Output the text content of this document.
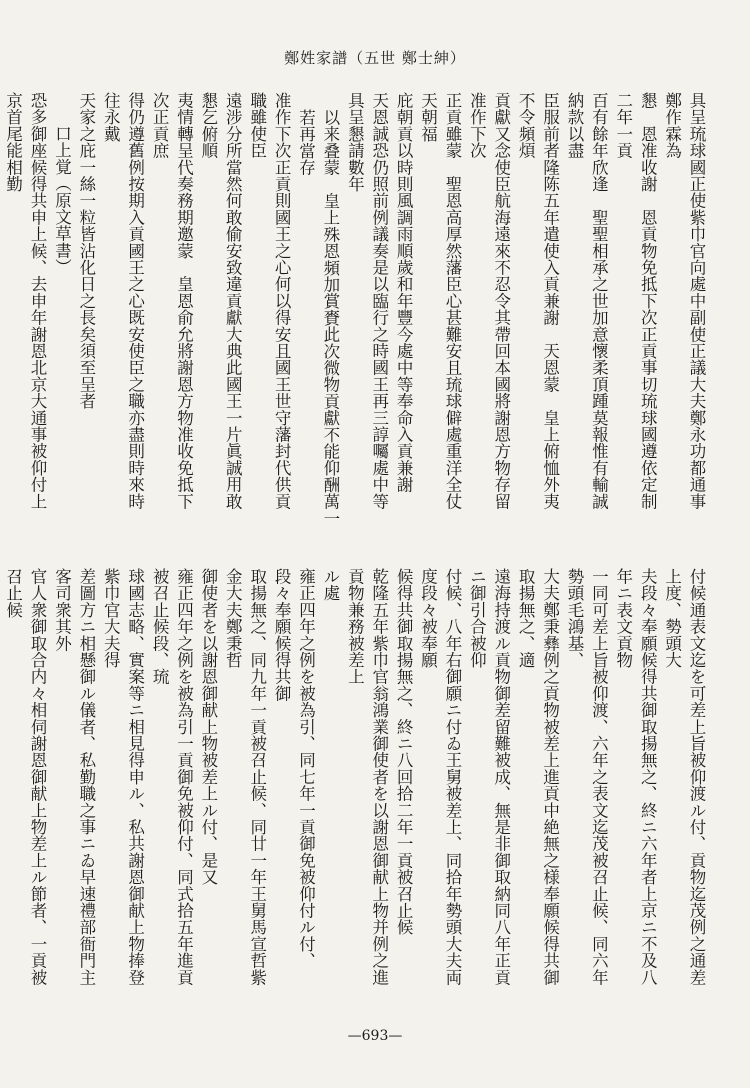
鄭姓家譜（五世 鄭士紳）

具呈琉球國正使紫巾官向處中副使正議大夫鄭永功都通事鄭作霖為

懇　恩准收謝　恩貢物免抵下次正貢事切琉球國遵依定制二年一貢

百有餘年欣逢　聖聖相承之世加意懷柔頂踵莫報惟有輸誠納款以盡

臣服前者隆陈五年遣使入貢兼謝　天恩蒙　皇上俯恤外夷不令頻煩

貢獻又念使臣航海遠來不忍令其帶回本國將謝恩方物存留准作下次

正貢雖蒙　聖恩高厚然藩臣心甚難安且琉球僻處重洋全仗　天朝福

庇朝貢以時則風調雨順歲和年豐今處中等奉命入貢兼謝

天恩誠恐仍照前例議奏是以臨行之時國王再三諄囑處中等具呈懇請數年

以来叠蒙　皇上殊恩頻加賞賚此次微物貢獻不能仰酬萬一若再當存

准作下次正貢則國王之心何以得安且國王世守藩封代供貢職雖使臣

遠涉分所當然何敢偷安致違貢獻大典此國王一片眞誠用敢懇乞俯順

夷情轉呈代奏務期邀蒙　皇恩俞允將謝恩方物准收免抵下次正貢庶

得仍遵舊例按期入貢國王之心既安使臣之職亦盡則時來時往永戴

天家之庇一絲一粒皆沾化日之長矣須至呈者

口上覚（原文草書）

恐多御座候得共申上候、去申年謝恩北京大通事被仰付上京首尾能相勤

付候通表文迄を可差上旨被仰渡ル付、貢物迄茂例之通差上度、勢頭大

夫段々奉願候得共御取揚無之、終ニ六年者上京ニ不及八年ニ表文貢物

一同可差上旨被仰渡、六年之表文迄茂被召止候、同六年勢頭毛鴻基、

大夫鄭秉彝例之貢物被差上進貢中絶無之様奉願候得共御取揚無之、適

遠海持渡ル貢物御差留難被成、無是非御取納同八年正貢ニ御引合被仰

付候、八年右御願ニ付ゐ王舅被差上、同拾年勢頭大夫両度段々被奉願

候得共御取揚無之、終ニ八回拾二年一貢被召止候

乾隆五年紫巾官翁鴻業御使者を以謝恩御献上物并例之進貢物兼務被差上

ル處

雍正四年之例を被為引、同七年一貢御免被仰付ル付、段々奉願候得共御

取揚無之、同九年一貢被召止候、同廿一年王舅馬宣哲紫金大夫鄭秉哲

御使者を以謝恩御献上物被差上ル付、是又

雍正四年之例を被為引一貢御免被仰付、同式拾五年進貢被召止候段、琉

球國志略、實案等ニ相見得申ル、私共謝恩御献上物捧登紫巾官大夫得

差圖方ニ相懸御ル儀者、私勤職之事ニゐ早速禮部衙門主客司衆其外

官人衆御取合内々相伺謝恩御献上物差上ル節者、一貢被召止候

—693—
